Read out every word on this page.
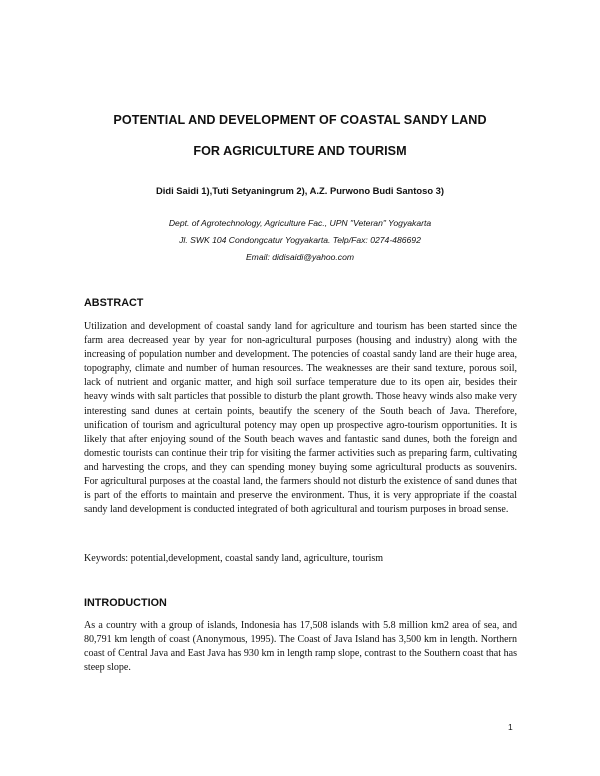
POTENTIAL AND DEVELOPMENT OF COASTAL SANDY LAND
FOR AGRICULTURE AND TOURISM
Didi Saidi 1),Tuti Setyaningrum 2), A.Z. Purwono Budi Santoso 3)
Dept. of Agrotechnology, Agriculture Fac., UPN "Veteran" Yogyakarta
Jl. SWK 104 Condongcatur Yogyakarta. Telp/Fax: 0274-486692
Email: didisaidi@yahoo.com
ABSTRACT

Utilization and development of coastal sandy land for agriculture and tourism has been started since the farm area decreased year by year for non-agricultural purposes (housing and industry) along with the increasing of population number and development. The potencies of coastal sandy land are their huge area, topography, climate and number of human resources. The weaknesses are their sand texture, porous soil, lack of nutrient and organic matter, and high soil surface temperature due to its open air, besides their heavy winds with salt particles that possible to disturb the plant growth. Those heavy winds also make very interesting sand dunes at certain points, beautify the scenery of the South beach of Java. Therefore, unification of tourism and agricultural potency may open up prospective agro-tourism opportunities. It is likely that after enjoying sound of the South beach waves and fantastic sand dunes, both the foreign and domestic tourists can continue their trip for visiting the farmer activities such as preparing farm, cultivating and harvesting the crops, and they can spending money buying some agricultural products as souvenirs. For agricultural purposes at the coastal land, the farmers should not disturb the existence of sand dunes that is part of the efforts to maintain and preserve the environment. Thus, it is very appropriate if the coastal sandy land development is conducted integrated of both agricultural and tourism purposes in broad sense.

Keywords: potential,development, coastal sandy land, agriculture, tourism
INTRODUCTION

As a country with a group of islands, Indonesia has 17,508 islands with 5.8 million km2 area of sea, and 80,791 km length of coast (Anonymous, 1995). The Coast of Java Island has 3,500 km in length. Northern coast of Central Java and East Java has 930 km in length ramp slope, contrast to the Southern coast that has steep slope.

1
